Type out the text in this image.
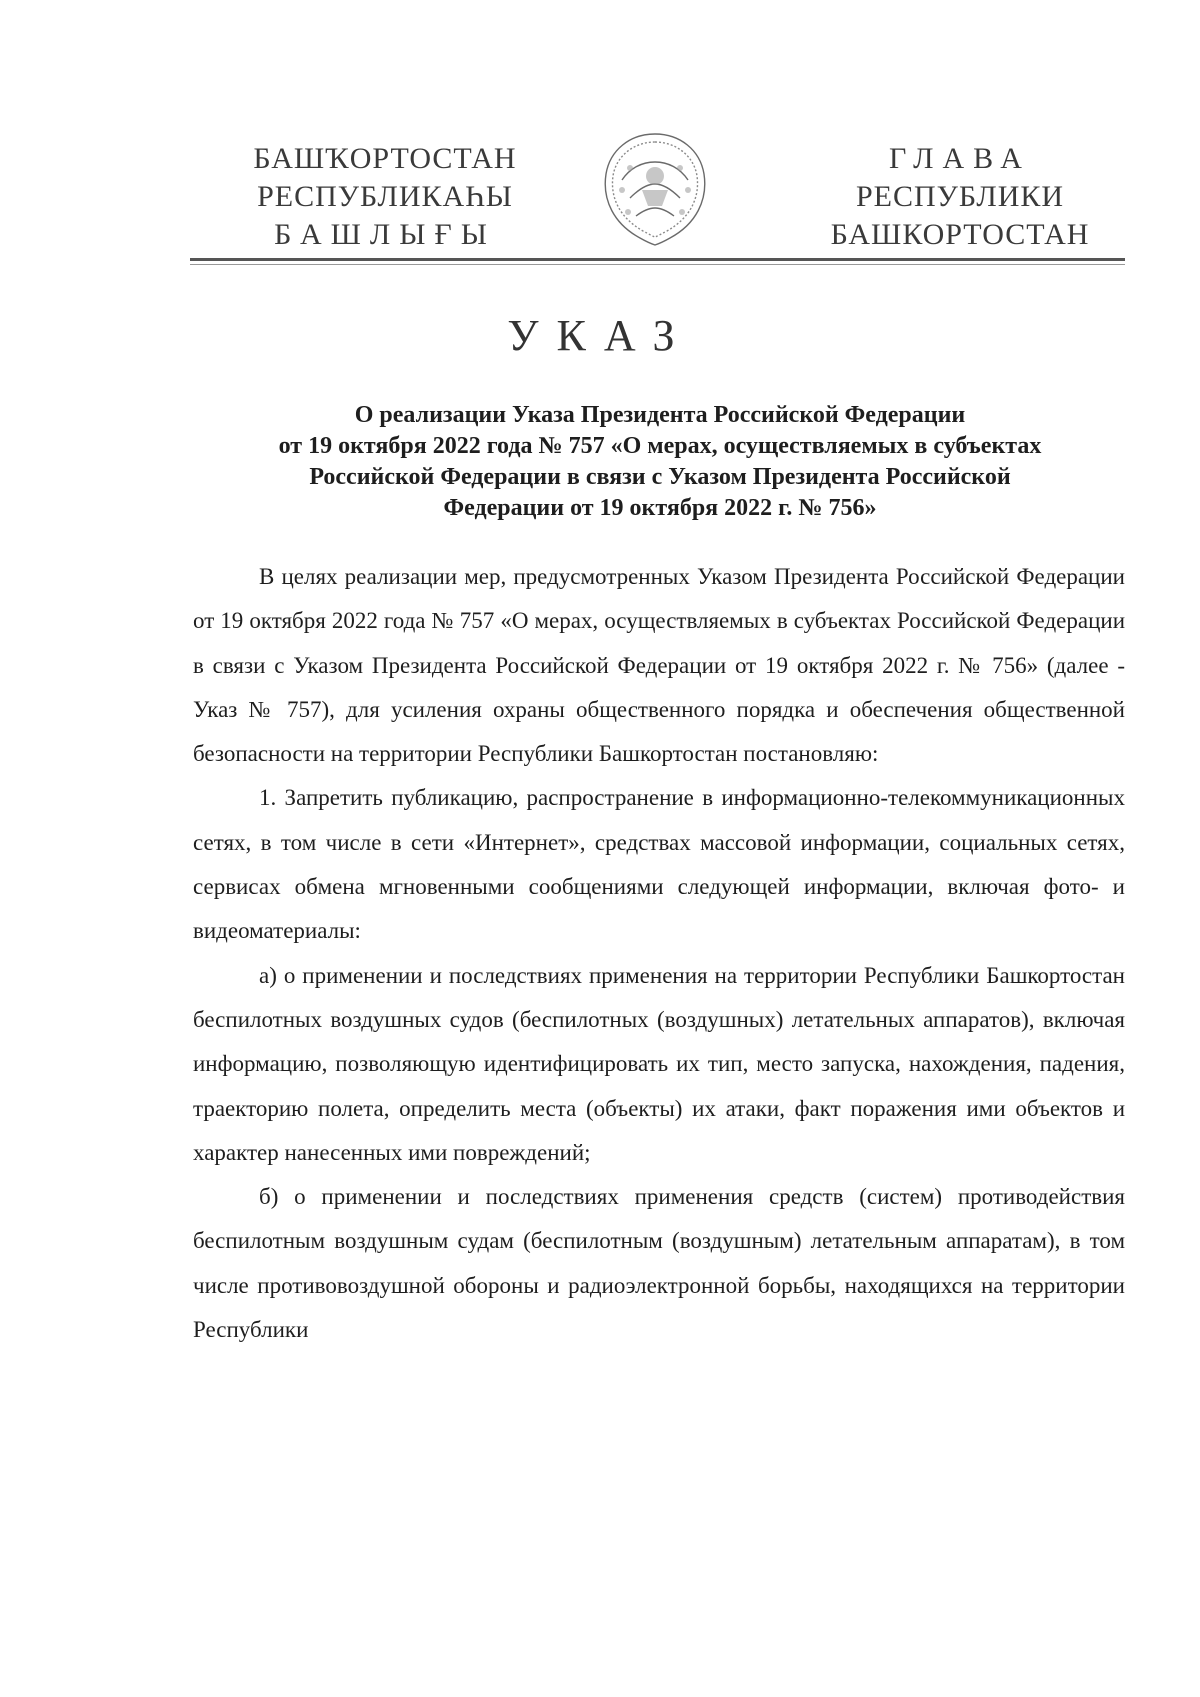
БАШҠОРТОСТАН
РЕСПУБЛИКАҺЫ
БАШЛЫҒЫ
ГЛАВА
РЕСПУБЛИКИ
БАШКОРТОСТАН
УКАЗ
О реализации Указа Президента Российской Федерации
от 19 октября 2022 года № 757 «О мерах, осуществляемых в субъектах
Российской Федерации в связи с Указом Президента Российской
Федерации от 19 октября 2022 г. № 756»

В целях реализации мер, предусмотренных Указом Президента Российской Федерации от 19 октября 2022 года № 757 «О мерах, осуществляемых в субъектах Российской Федерации в связи с Указом Президента Российской Федерации от 19 октября 2022 г. № 756» (далее - Указ № 757), для усиления охраны общественного порядка и обеспечения общественной безопасности на территории Республики Башкортостан постановляю:

1. Запретить публикацию, распространение в информационно-телекоммуникационных сетях, в том числе в сети «Интернет», средствах массовой информации, социальных сетях, сервисах обмена мгновенными сообщениями следующей информации, включая фото- и видеоматериалы:

а) о применении и последствиях применения на территории Республики Башкортостан беспилотных воздушных судов (беспилотных (воздушных) летательных аппаратов), включая информацию, позволяющую идентифицировать их тип, место запуска, нахождения, падения, траекторию полета, определить места (объекты) их атаки, факт поражения ими объектов и характер нанесенных ими повреждений;

б) о применении и последствиях применения средств (систем) противодействия беспилотным воздушным судам (беспилотным (воздушным) летательным аппаратам), в том числе противовоздушной обороны и радиоэлектронной борьбы, находящихся на территории Республики
